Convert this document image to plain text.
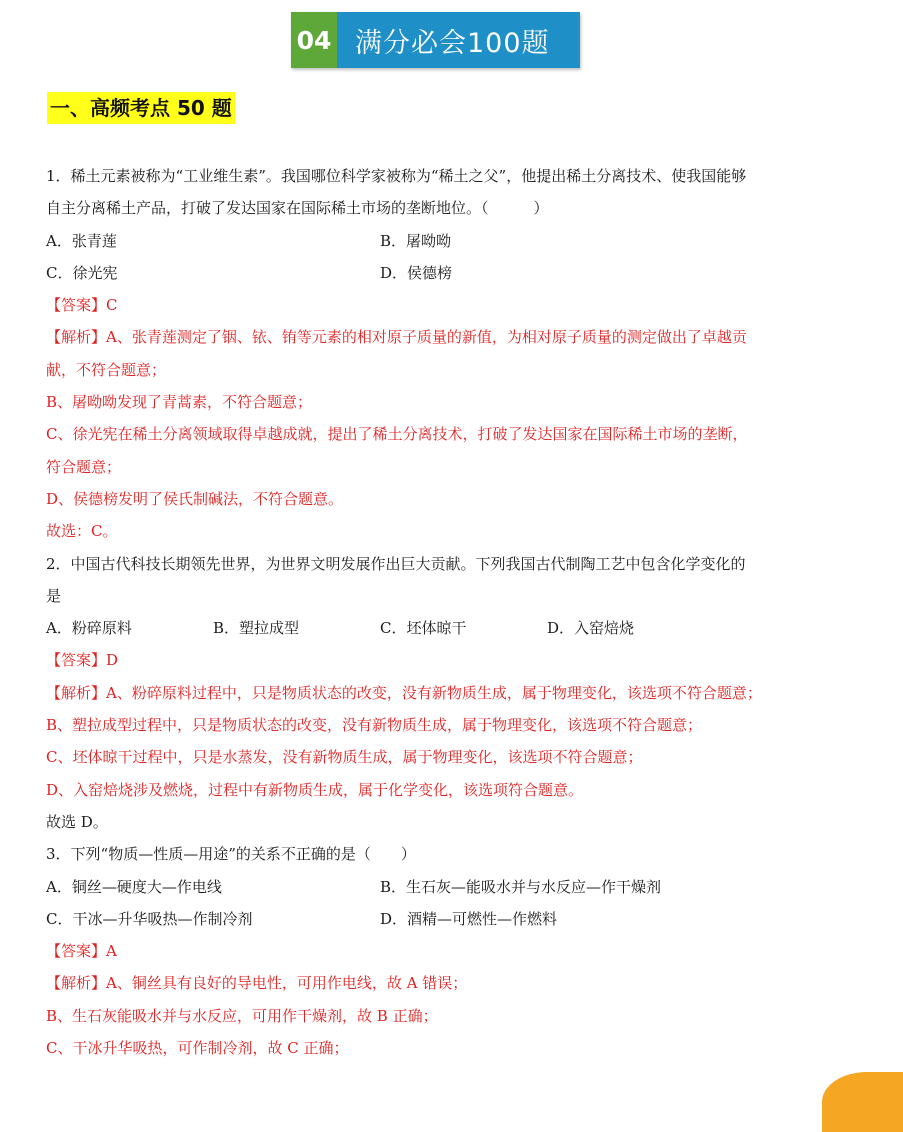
04 满分必会100题
一、高频考点 50 题
1．稀土元素被称为“工业维生素”。我国哪位科学家被称为“稀土之父”，他提出稀土分离技术、使我国能够
自主分离稀土产品，打破了发达国家在国际稀土市场的垄断地位。（　　　）
A．张青莲	B．屠呦呦
C．徐光宪	D．侯德榜
【答案】C
【解析】A、张青莲测定了铟、铱、铕等元素的相对原子质量的新值，为相对原子质量的测定做出了卓越贡
献，不符合题意；
B、屠呦呦发现了青蒿素，不符合题意；
C、徐光宪在稀土分离领域取得卓越成就，提出了稀土分离技术，打破了发达国家在国际稀土市场的垄断，
符合题意；
D、侯德榜发明了侯氏制碱法，不符合题意。
故选：C。
2．中国古代科技长期领先世界，为世界文明发展作出巨大贡献。下列我国古代制陶工艺中包含化学变化的
是
A．粉碎原料	B．塑拉成型	C．坯体晾干	D．入窑焙烧
【答案】D
【解析】A、粉碎原料过程中，只是物质状态的改变，没有新物质生成，属于物理变化，该选项不符合题意；
B、塑拉成型过程中，只是物质状态的改变，没有新物质生成，属于物理变化，该选项不符合题意；
C、坯体晾干过程中，只是水蒸发，没有新物质生成，属于物理变化，该选项不符合题意；
D、入窑焙烧涉及燃烧，过程中有新物质生成，属于化学变化，该选项符合题意。
故选 D。
3．下列“物质—性质—用途”的关系不正确的是（　　）
A．铜丝—硬度大—作电线	B．生石灰—能吸水并与水反应—作干燥剂
C．干冰—升华吸热—作制冷剂	D．酒精—可燃性—作燃料
【答案】A
【解析】A、铜丝具有良好的导电性，可用作电线，故 A 错误；
B、生石灰能吸水并与水反应，可用作干燥剂，故 B 正确；
C、干冰升华吸热，可作制冷剂，故 C 正确；
